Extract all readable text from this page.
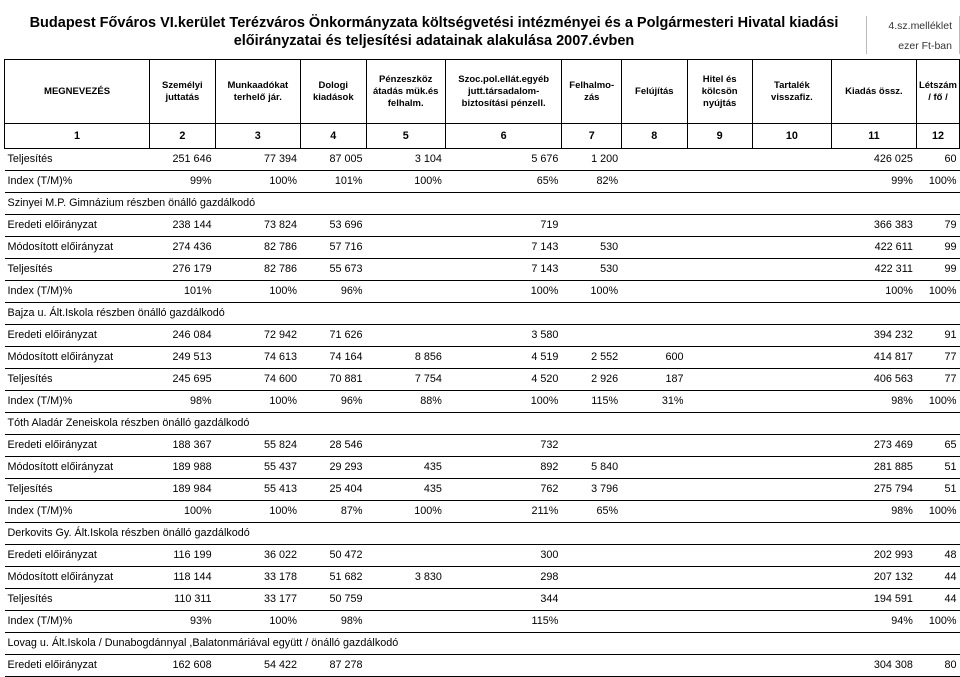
Budapest Főváros VI.kerület Terézváros Önkormányzata költségvetési intézményei és a Polgármesteri Hivatal kiadási
előirányzatai és teljesítési adatainak alakulása 2007.évben
4.sz.melléklet
ezer Ft-ban
MEGNEVEZÉS	Személyi juttatás	Munkaadókat terhelő jár.	Dologi kiadások	Pénzeszköz átadás mük.és felhalm.	Szoc.pol.ellát.egyéb jutt.társadalom-biztosítási pénzell.	Felhalmo-zás	Felújítás	Hitel és kölcsön nyújtás	Tartalék visszafiz.	Kiadás össz.	Létszám / fő /
1	2	3	4	5	6	7	8	9	10	11	12
Teljesítés	251 646	77 394	87 005	3 104	5 676	1 200				426 025	60
Index (T/M)%	99%	100%	101%	100%	65%	82%				99%	100%
Szinyei M.P. Gimnázium részben önálló gazdálkodó											
Eredeti előirányzat	238 144	73 824	53 696		719					366 383	79
Módosított előirányzat	274 436	82 786	57 716		7 143	530				422 611	99
Teljesítés	276 179	82 786	55 673		7 143	530				422 311	99
Index (T/M)%	101%	100%	96%		100%	100%				100%	100%
Bajza u. Ált.Iskola részben önálló gazdálkodó											
Eredeti előirányzat	246 084	72 942	71 626		3 580					394 232	91
Módosított előirányzat	249 513	74 613	74 164	8 856	4 519	2 552	600			414 817	77
Teljesítés	245 695	74 600	70 881	7 754	4 520	2 926	187			406 563	77
Index (T/M)%	98%	100%	96%	88%	100%	115%	31%			98%	100%
Tóth Aladár Zeneiskola részben önálló gazdálkodó											
Eredeti előirányzat	188 367	55 824	28 546		732					273 469	65
Módosított előirányzat	189 988	55 437	29 293	435	892	5 840				281 885	51
Teljesítés	189 984	55 413	25 404	435	762	3 796				275 794	51
Index (T/M)%	100%	100%	87%	100%	211%	65%				98%	100%
Derkovits Gy. Ált.Iskola részben önálló gazdálkodó											
Eredeti előirányzat	116 199	36 022	50 472		300					202 993	48
Módosított előirányzat	118 144	33 178	51 682	3 830	298					207 132	44
Teljesítés	110 311	33 177	50 759		344					194 591	44
Index (T/M)%	93%	100%	98%		115%					94%	100%
Lovag u. Ált.Iskola / Dunabogdánnyal ,Balatonmáriával együtt / önálló gazdálkodó											
Eredeti előirányzat	162 608	54 422	87 278							304 308	80
